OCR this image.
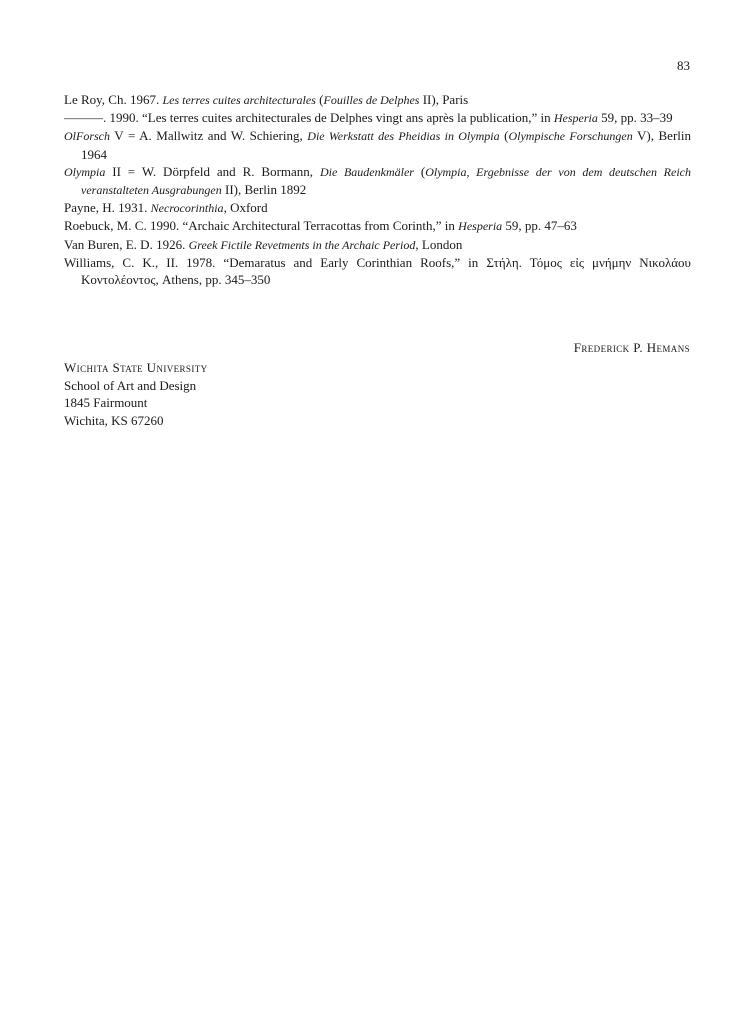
83

Le Roy, Ch. 1967. Les terres cuites architecturales (Fouilles de Delphes II), Paris

———. 1990. “Les terres cuites architecturales de Delphes vingt ans après la publication,” in Hesperia 59, pp. 33–39

OlForsch V = A. Mallwitz and W. Schiering, Die Werkstatt des Pheidias in Olympia (Olympische Forschungen V), Berlin 1964

Olympia II = W. Dörpfeld and R. Bormann, Die Baudenkmäler (Olympia, Ergebnisse der von dem deutschen Reich veranstalteten Ausgrabungen II), Berlin 1892

Payne, H. 1931. Necrocorinthia, Oxford

Roebuck, M. C. 1990. “Archaic Architectural Terracottas from Corinth,” in Hesperia 59, pp. 47–63

Van Buren, E. D. 1926. Greek Fictile Revetments in the Archaic Period, London

Williams, C. K., II. 1978. “Demaratus and Early Corinthian Roofs,” in Στήλη. Τόμος εἰς μνήμην Νικολάου Κοντολέοντος, Athens, pp. 345–350

Frederick P. Hemans
Wichita State University
School of Art and Design
1845 Fairmount
Wichita, KS 67260
